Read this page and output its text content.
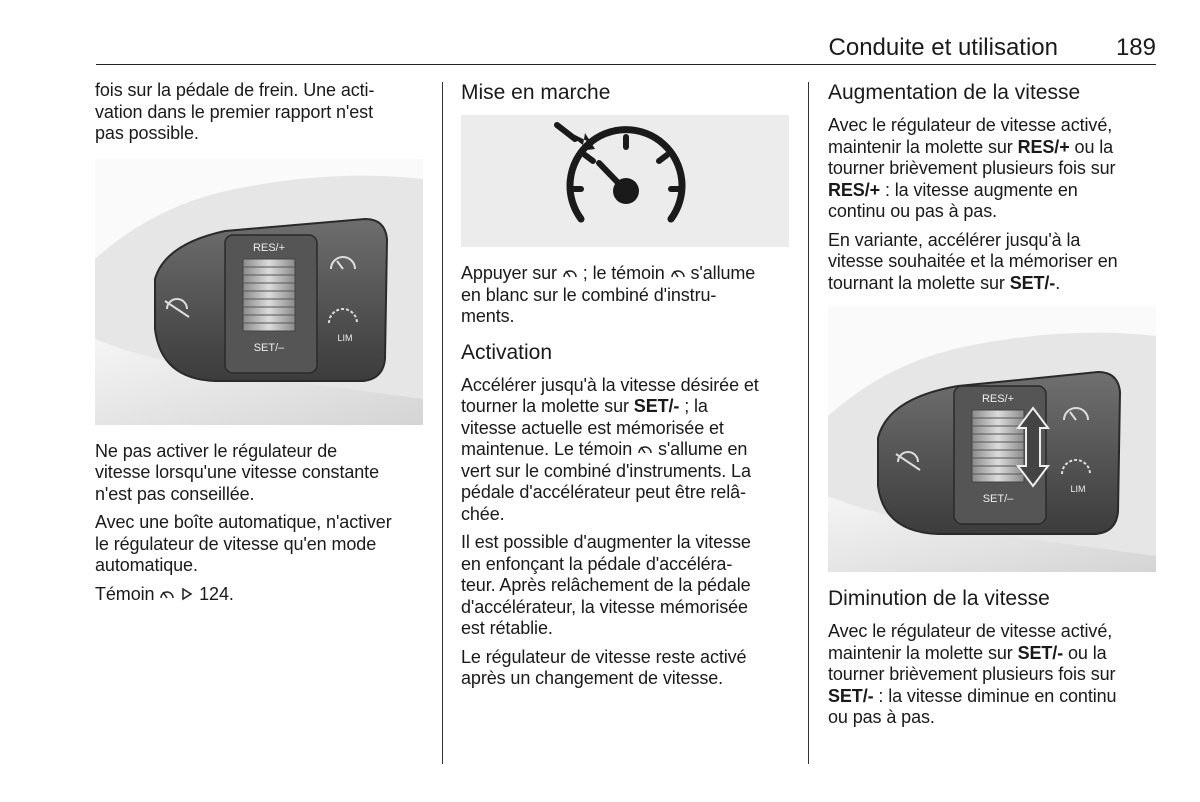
Conduite et utilisation 189

fois sur la pédale de frein. Une acti-
vation dans le premier rapport n'est
pas possible.

RES/+
SET/–
LIM

Ne pas activer le régulateur de
vitesse lorsqu'une vitesse constante
n'est pas conseillée.

Avec une boîte automatique, n'activer
le régulateur de vitesse qu'en mode
automatique.

Témoin 124.

Mise en marche

Appuyer sur ; le témoin s'allume
en blanc sur le combiné d'instru-
ments.

Activation

Accélérer jusqu'à la vitesse désirée et
tourner la molette sur SET/- ; la
vitesse actuelle est mémorisée et
maintenue. Le témoin s'allume en
vert sur le combiné d'instruments. La
pédale d'accélérateur peut être relâ-
chée.

Il est possible d'augmenter la vitesse
en enfonçant la pédale d'accéléra-
teur. Après relâchement de la pédale
d'accélérateur, la vitesse mémorisée
est rétablie.

Le régulateur de vitesse reste activé
après un changement de vitesse.

Augmentation de la vitesse

Avec le régulateur de vitesse activé,
maintenir la molette sur RES/+ ou la
tourner brièvement plusieurs fois sur
RES/+ : la vitesse augmente en
continu ou pas à pas.

En variante, accélérer jusqu'à la
vitesse souhaitée et la mémoriser en
tournant la molette sur SET/-.

RES/+
SET/–
LIM
Diminution de la vitesse

Avec le régulateur de vitesse activé,
maintenir la molette sur SET/- ou la
tourner brièvement plusieurs fois sur
SET/- : la vitesse diminue en continu
ou pas à pas.
